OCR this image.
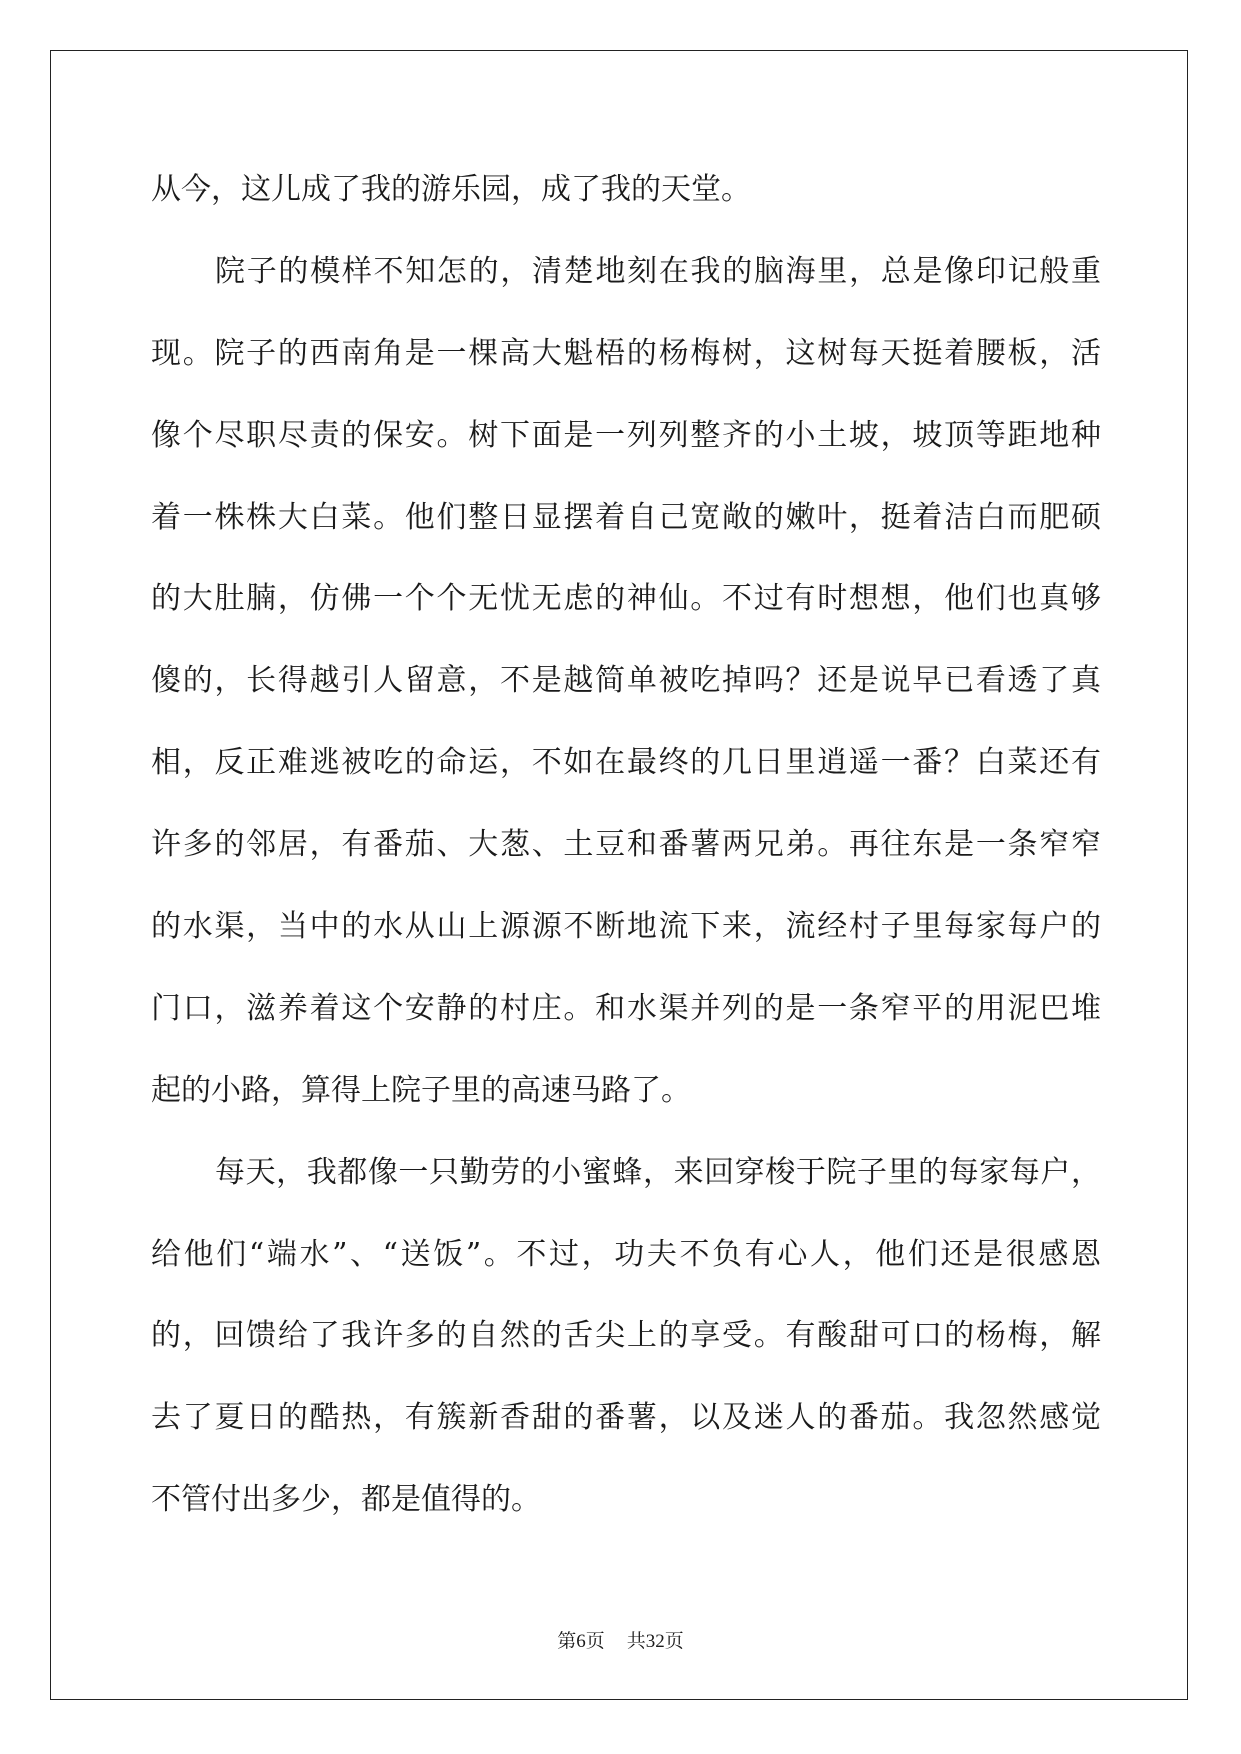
从今，这儿成了我的游乐园，成了我的天堂。
院子的模样不知怎的，清楚地刻在我的脑海里，总是像印记般重
现。院子的西南角是一棵高大魁梧的杨梅树，这树每天挺着腰板，活
像个尽职尽责的保安。树下面是一列列整齐的小土坡，坡顶等距地种
着一株株大白菜。他们整日显摆着自己宽敞的嫩叶，挺着洁白而肥硕
的大肚腩，仿佛一个个无忧无虑的神仙。不过有时想想，他们也真够
傻的，长得越引人留意，不是越简单被吃掉吗？还是说早已看透了真
相，反正难逃被吃的命运，不如在最终的几日里逍遥一番？白菜还有
许多的邻居，有番茄、大葱、土豆和番薯两兄弟。再往东是一条窄窄
的水渠，当中的水从山上源源不断地流下来，流经村子里每家每户的
门口，滋养着这个安静的村庄。和水渠并列的是一条窄平的用泥巴堆
起的小路，算得上院子里的高速马路了。
每天，我都像一只勤劳的小蜜蜂，来回穿梭于院子里的每家每户，
给他们“端水”、“送饭”。不过，功夫不负有心人，他们还是很感恩
的，回馈给了我许多的自然的舌尖上的享受。有酸甜可口的杨梅，解
去了夏日的酷热，有簇新香甜的番薯，以及迷人的番茄。我忽然感觉
不管付出多少，都是值得的。
第6页 共32页
